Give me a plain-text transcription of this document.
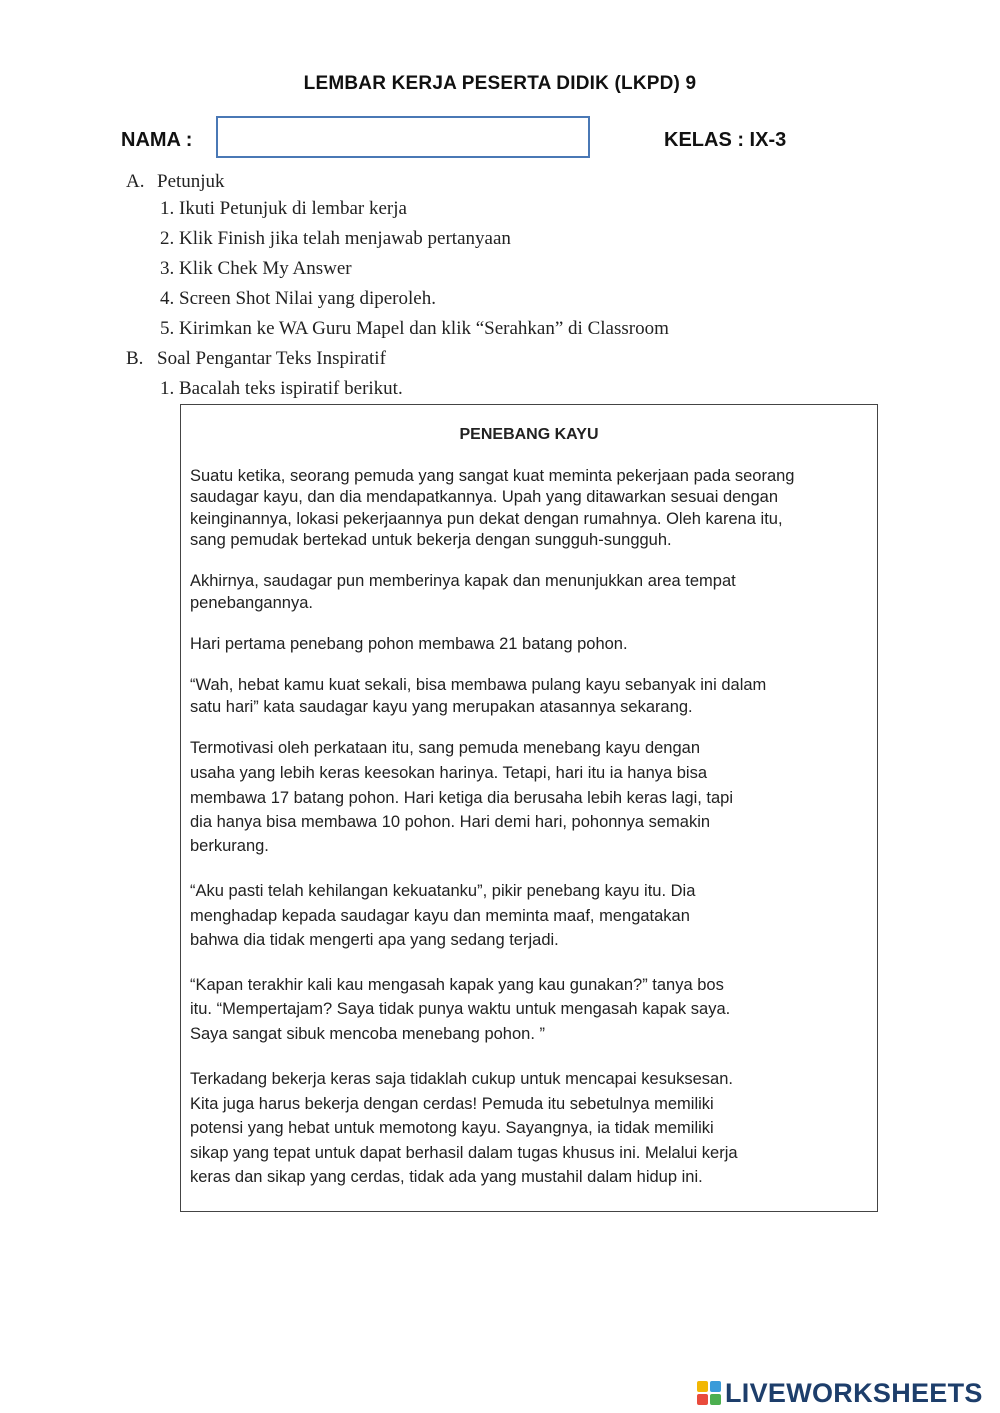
LEMBAR KERJA PESERTA DIDIK (LKPD) 9
NAMA :	KELAS : IX-3
A. Petunjuk
1. Ikuti Petunjuk di lembar kerja
2. Klik Finish jika telah menjawab pertanyaan
3. Klik Chek My Answer
4. Screen Shot Nilai yang diperoleh.
5. Kirimkan ke WA Guru Mapel dan klik “Serahkan” di Classroom
B. Soal Pengantar Teks Inspiratif
1. Bacalah teks ispiratif berikut.
PENEBANG KAYU
Suatu ketika, seorang pemuda yang sangat kuat meminta pekerjaan pada seorang
saudagar kayu, dan dia mendapatkannya. Upah yang ditawarkan sesuai dengan
keinginannya, lokasi pekerjaannya pun dekat dengan rumahnya. Oleh karena itu,
sang pemudak bertekad untuk bekerja dengan sungguh-sungguh.
Akhirnya, saudagar pun memberinya kapak dan menunjukkan area tempat
penebangannya.
Hari pertama penebang pohon membawa 21 batang pohon.
“Wah, hebat kamu kuat sekali, bisa membawa pulang kayu sebanyak ini dalam
satu hari” kata saudagar kayu yang merupakan atasannya sekarang.
Termotivasi oleh perkataan itu, sang pemuda menebang kayu dengan
usaha yang lebih keras keesokan harinya. Tetapi, hari itu ia hanya bisa
membawa 17 batang pohon. Hari ketiga dia berusaha lebih keras lagi, tapi
dia hanya bisa membawa 10 pohon. Hari demi hari, pohonnya semakin
berkurang.
“Aku pasti telah kehilangan kekuatanku”, pikir penebang kayu itu. Dia
menghadap kepada saudagar kayu dan meminta maaf, mengatakan
bahwa dia tidak mengerti apa yang sedang terjadi.
“Kapan terakhir kali kau mengasah kapak yang kau gunakan?” tanya bos
itu. “Mempertajam? Saya tidak punya waktu untuk mengasah kapak saya.
Saya sangat sibuk mencoba menebang pohon. ”
Terkadang bekerja keras saja tidaklah cukup untuk mencapai kesuksesan.
Kita juga harus bekerja dengan cerdas! Pemuda itu sebetulnya memiliki
potensi yang hebat untuk memotong kayu. Sayangnya, ia tidak memiliki
sikap yang tepat untuk dapat berhasil dalam tugas khusus ini. Melalui kerja
keras dan sikap yang cerdas, tidak ada yang mustahil dalam hidup ini.
LIVEWORKSHEETS
